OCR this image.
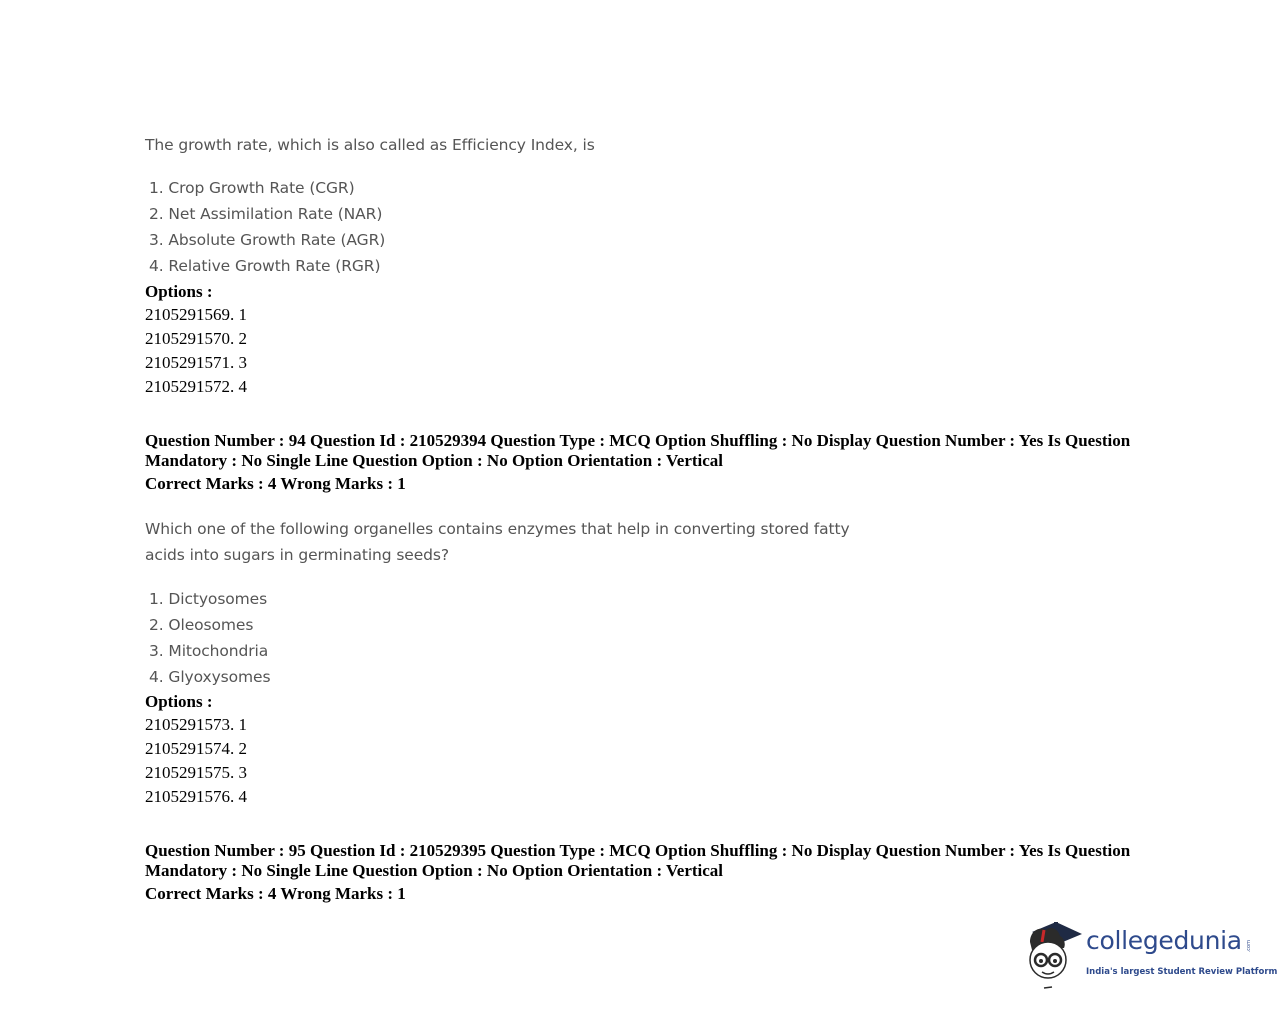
The growth rate, which is also called as Efficiency Index, is

1. Crop Growth Rate (CGR)
2. Net Assimilation Rate (NAR)
3. Absolute Growth Rate (AGR)
4. Relative Growth Rate (RGR)
Options :
2105291569. 1
2105291570. 2
2105291571. 3
2105291572. 4

Question Number : 94 Question Id : 210529394 Question Type : MCQ Option Shuffling : No Display Question Number : Yes Is Question Mandatory : No Single Line Question Option : No Option Orientation : Vertical

Correct Marks : 4 Wrong Marks : 1

Which one of the following organelles contains enzymes that help in converting stored fatty
acids into sugars in germinating seeds?

1. Dictyosomes
2. Oleosomes
3. Mitochondria
4. Glyoxysomes
Options :
2105291573. 1
2105291574. 2
2105291575. 3
2105291576. 4

Question Number : 95 Question Id : 210529395 Question Type : MCQ Option Shuffling : No Display Question Number : Yes Is Question Mandatory : No Single Line Question Option : No Option Orientation : Vertical

Correct Marks : 4 Wrong Marks : 1
collegedunia .com
India's largest Student Review Platform
